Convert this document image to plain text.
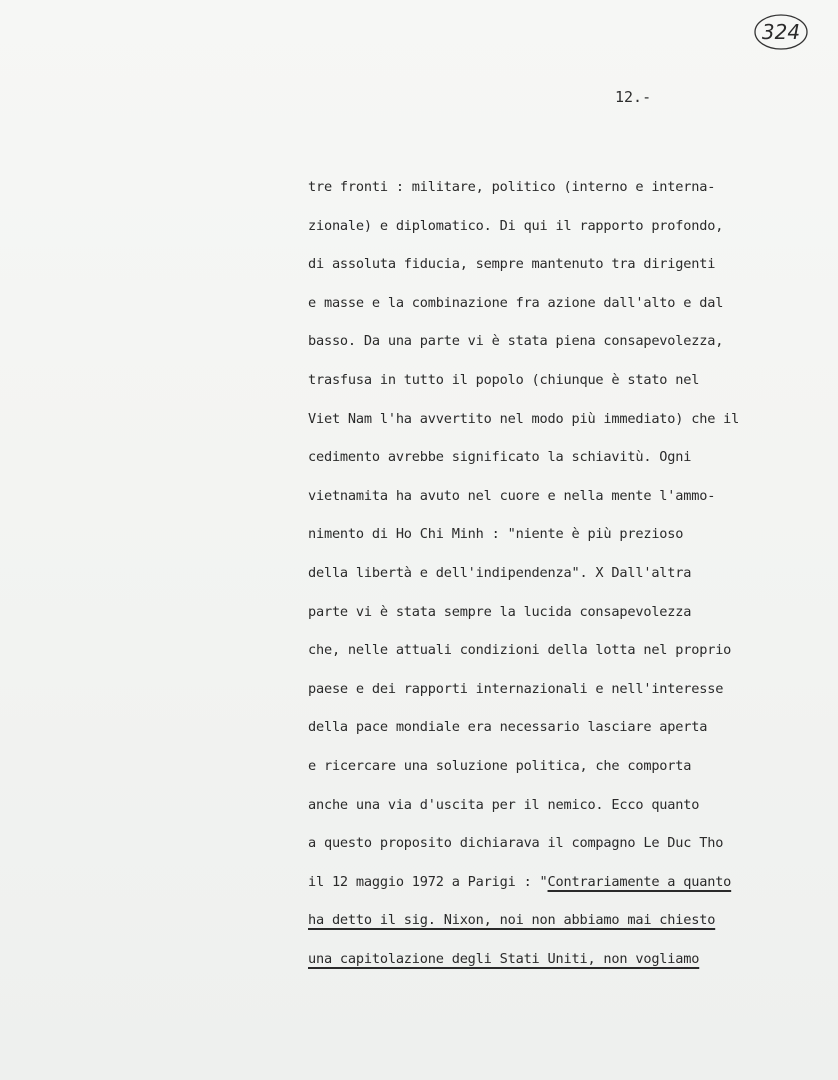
324
12.-
tre fronti : militare, politico (interno e interna-
zionale) e diplomatico. Di qui il rapporto profondo,
di assoluta fiducia, sempre mantenuto tra dirigenti
e masse e la combinazione fra azione dall'alto e dal
basso. Da una parte vi è stata piena consapevolezza,
trasfusa in tutto il popolo (chiunque è stato nel
Viet Nam l'ha avvertito nel modo più immediato) che il
cedimento avrebbe significato la schiavitù. Ogni
vietnamita ha avuto nel cuore e nella mente l'ammo-
nimento di Ho Chi Minh : "niente è più prezioso
della libertà e dell'indipendenza". X Dall'altra
parte vi è stata sempre la lucida consapevolezza
che, nelle attuali condizioni della lotta nel proprio
paese e dei rapporti internazionali e nell'interesse
della pace mondiale era necessario lasciare aperta
e ricercare una soluzione politica, che comporta
anche una via d'uscita per il nemico. Ecco quanto
a questo proposito dichiarava il compagno Le Duc Tho
il 12 maggio 1972 a Parigi : "Contrariamente a quanto
ha detto il sig. Nixon, noi non abbiamo mai chiesto
una capitolazione degli Stati Uniti, non vogliamo
